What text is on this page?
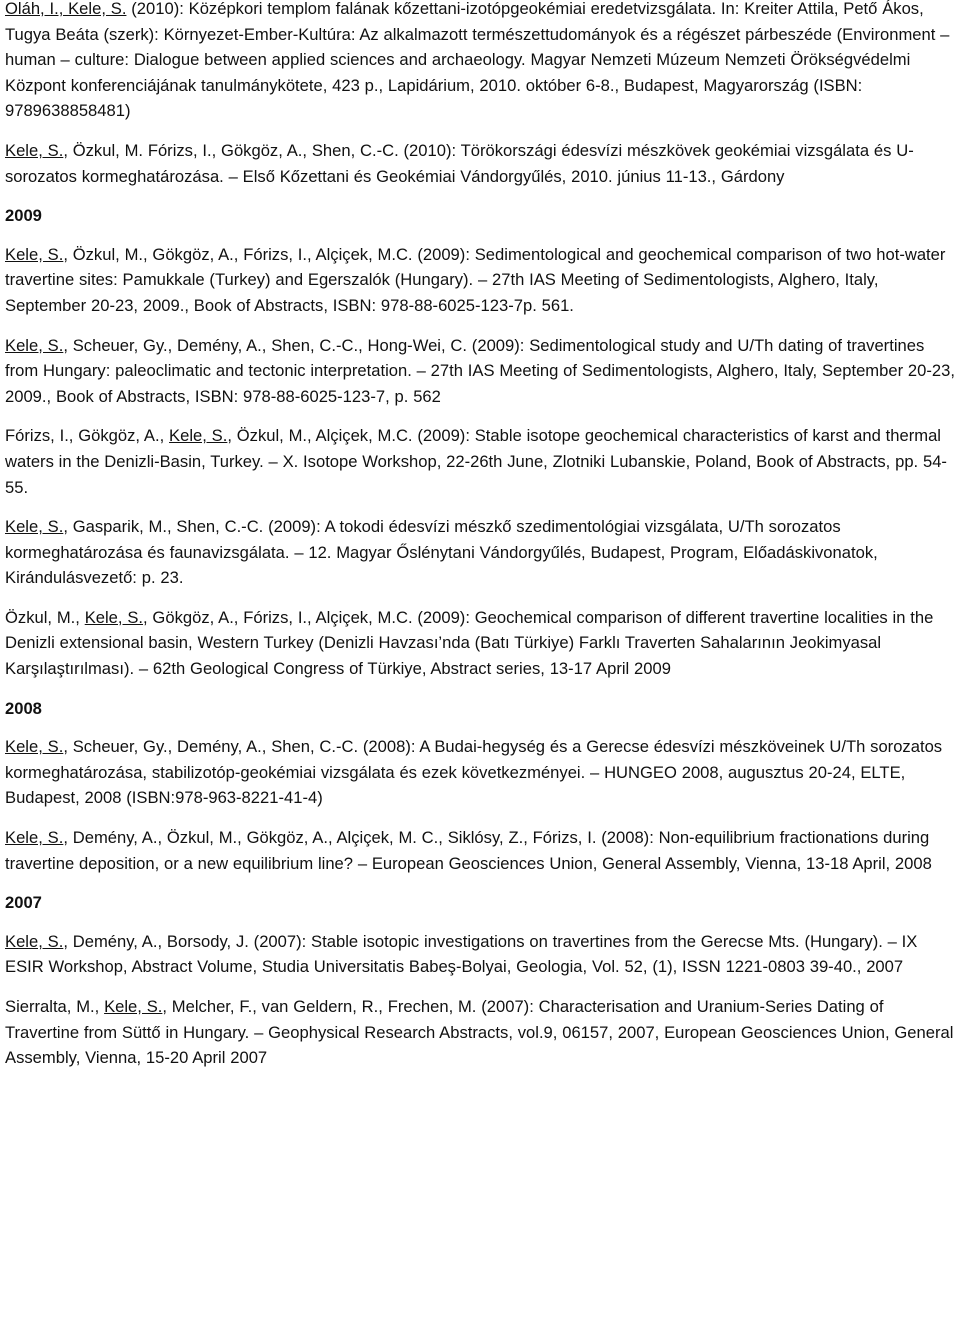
Oláh, I., Kele, S. (2010): Középkori templom falának kőzettani-izotópgeokémiai eredetvizsgálata. In: Kreiter Attila, Pető Ákos, Tugya Beáta (szerk): Környezet-Ember-Kultúra: Az alkalmazott természettudományok és a régészet párbeszéde (Environment – human – culture: Dialogue between applied sciences and archaeology. Magyar Nemzeti Múzeum Nemzeti Örökségvédelmi Központ konferenciájának tanulmánykötete, 423 p., Lapidárium, 2010. október 6-8., Budapest, Magyarország (ISBN: 9789638858481)

Kele, S., Özkul, M. Fórizs, I., Gökgöz, A., Shen, C.-C. (2010): Törökországi édesvízi mészkövek geokémiai vizsgálata és U-sorozatos kormeghatározása. – Első Kőzettani és Geokémiai Vándorgyűlés, 2010. június 11-13., Gárdony

2009

Kele, S., Özkul, M., Gökgöz, A., Fórizs, I., Alçiçek, M.C. (2009): Sedimentological and geochemical comparison of two hot-water travertine sites: Pamukkale (Turkey) and Egerszalók (Hungary). – 27th IAS Meeting of Sedimentologists, Alghero, Italy, September 20-23, 2009., Book of Abstracts, ISBN: 978-88-6025-123-7p. 561.

Kele, S., Scheuer, Gy., Demény, A., Shen, C.-C., Hong-Wei, C. (2009): Sedimentological study and U/Th dating of travertines from Hungary: paleoclimatic and tectonic interpretation. – 27th IAS Meeting of Sedimentologists, Alghero, Italy, September 20-23, 2009., Book of Abstracts, ISBN: 978-88-6025-123-7, p. 562

Fórizs, I., Gökgöz, A., Kele, S., Özkul, M., Alçiçek, M.C. (2009): Stable isotope geochemical characteristics of karst and thermal waters in the Denizli-Basin, Turkey. – X. Isotope Workshop, 22-26th June, Zlotniki Lubanskie, Poland, Book of Abstracts, pp. 54-55.

Kele, S., Gasparik, M., Shen, C.-C. (2009): A tokodi édesvízi mészkő szedimentológiai vizsgálata, U/Th sorozatos kormeghatározása és faunavizsgálata. – 12. Magyar Őslénytani Vándorgyűlés, Budapest, Program, Előadáskivonatok, Kirándulásvezető: p. 23.

Özkul, M., Kele, S., Gökgöz, A., Fórizs, I., Alçiçek, M.C. (2009): Geochemical comparison of different travertine localities in the Denizli extensional basin, Western Turkey (Denizli Havzası’nda (Batı Türkiye) Farklı Traverten Sahalarının Jeokimyasal Karşılaştırılması). – 62th Geological Congress of Türkiye, Abstract series, 13-17 April 2009

2008

Kele, S., Scheuer, Gy., Demény, A., Shen, C.-C. (2008): A Budai-hegység és a Gerecse édesvízi mészköveinek U/Th sorozatos kormeghatározása, stabilizotóp-geokémiai vizsgálata és ezek következményei. – HUNGEO 2008, augusztus 20-24, ELTE, Budapest, 2008 (ISBN:978-963-8221-41-4)

Kele, S., Demény, A., Özkul, M., Gökgöz, A., Alçiçek, M. C., Siklósy, Z., Fórizs, I. (2008): Non-equilibrium fractionations during travertine deposition, or a new equilibrium line? – European Geosciences Union, General Assembly, Vienna, 13-18 April, 2008

2007

Kele, S., Demény, A., Borsody, J. (2007): Stable isotopic investigations on travertines from the Gerecse Mts. (Hungary). – IX ESIR Workshop, Abstract Volume, Studia Universitatis Babeş-Bolyai, Geologia, Vol. 52, (1), ISSN 1221-0803 39-40., 2007

Sierralta, M., Kele, S., Melcher, F., van Geldern, R., Frechen, M. (2007): Characterisation and Uranium-Series Dating of Travertine from Süttő in Hungary. – Geophysical Research Abstracts, vol.9, 06157, 2007, European Geosciences Union, General Assembly, Vienna, 15-20 April 2007
